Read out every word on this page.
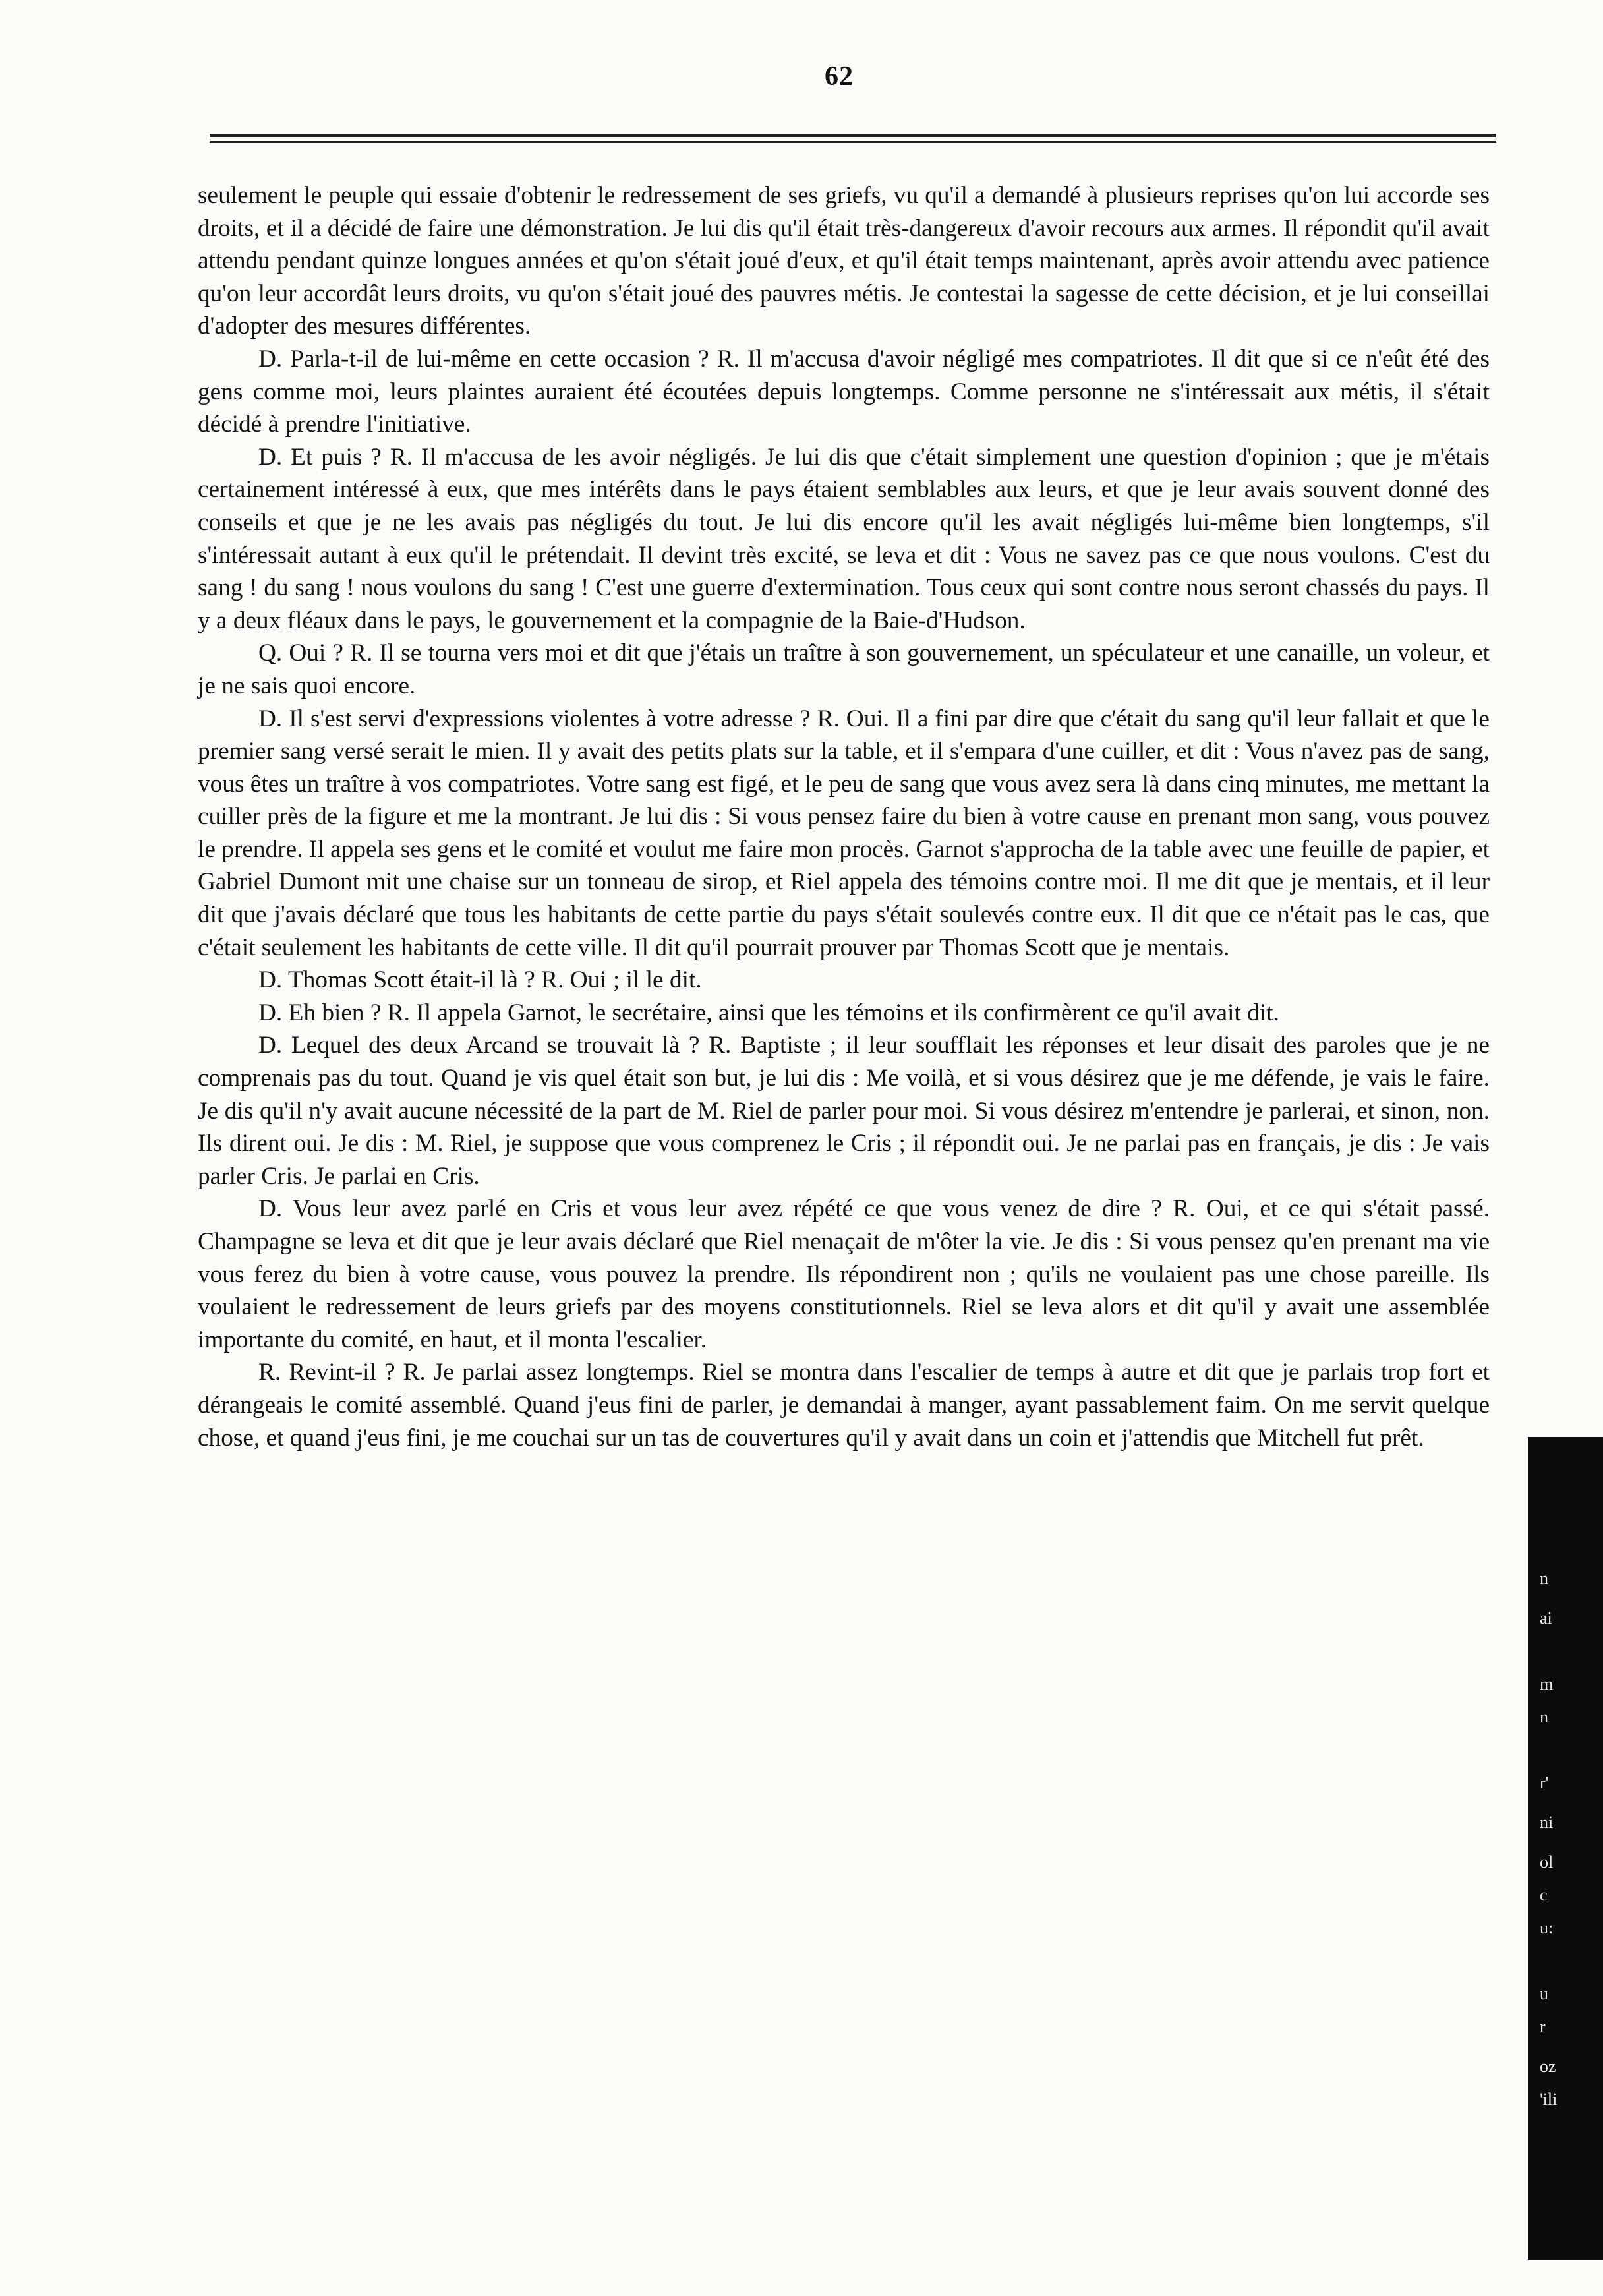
62

seulement le peuple qui essaie d'obtenir le redressement de ses griefs, vu qu'il a demandé à plusieurs reprises qu'on lui accorde ses droits, et il a décidé de faire une démonstration. Je lui dis qu'il était très-dangereux d'avoir recours aux armes. Il répondit qu'il avait attendu pendant quinze longues années et qu'on s'était joué d'eux, et qu'il était temps maintenant, après avoir attendu avec patience qu'on leur accordât leurs droits, vu qu'on s'était joué des pauvres métis. Je contestai la sagesse de cette décision, et je lui conseillai d'adopter des mesures différentes.

D. Parla-t-il de lui-même en cette occasion ? R. Il m'accusa d'avoir négligé mes compatriotes. Il dit que si ce n'eût été des gens comme moi, leurs plaintes auraient été écoutées depuis longtemps. Comme personne ne s'intéressait aux métis, il s'était décidé à prendre l'initiative.

D. Et puis ? R. Il m'accusa de les avoir négligés. Je lui dis que c'était simplement une question d'opinion ; que je m'étais certainement intéressé à eux, que mes intérêts dans le pays étaient semblables aux leurs, et que je leur avais souvent donné des conseils et que je ne les avais pas négligés du tout. Je lui dis encore qu'il les avait négligés lui-même bien longtemps, s'il s'intéressait autant à eux qu'il le prétendait. Il devint très excité, se leva et dit : Vous ne savez pas ce que nous voulons. C'est du sang ! du sang ! nous voulons du sang ! C'est une guerre d'extermination. Tous ceux qui sont contre nous seront chassés du pays. Il y a deux fléaux dans le pays, le gouvernement et la compagnie de la Baie-d'Hudson.

Q. Oui ? R. Il se tourna vers moi et dit que j'étais un traître à son gouvernement, un spéculateur et une canaille, un voleur, et je ne sais quoi encore.

D. Il s'est servi d'expressions violentes à votre adresse ? R. Oui. Il a fini par dire que c'était du sang qu'il leur fallait et que le premier sang versé serait le mien. Il y avait des petits plats sur la table, et il s'empara d'une cuiller, et dit : Vous n'avez pas de sang, vous êtes un traître à vos compatriotes. Votre sang est figé, et le peu de sang que vous avez sera là dans cinq minutes, me mettant la cuiller près de la figure et me la montrant. Je lui dis : Si vous pensez faire du bien à votre cause en prenant mon sang, vous pouvez le prendre. Il appela ses gens et le comité et voulut me faire mon procès. Garnot s'approcha de la table avec une feuille de papier, et Gabriel Dumont mit une chaise sur un tonneau de sirop, et Riel appela des témoins contre moi. Il me dit que je mentais, et il leur dit que j'avais déclaré que tous les habitants de cette partie du pays s'était soulevés contre eux. Il dit que ce n'était pas le cas, que c'était seulement les habitants de cette ville. Il dit qu'il pourrait prouver par Thomas Scott que je mentais.

D. Thomas Scott était-il là ? R. Oui ; il le dit.

D. Eh bien ? R. Il appela Garnot, le secrétaire, ainsi que les témoins et ils confirmèrent ce qu'il avait dit.

D. Lequel des deux Arcand se trouvait là ? R. Baptiste ; il leur soufflait les réponses et leur disait des paroles que je ne comprenais pas du tout. Quand je vis quel était son but, je lui dis : Me voilà, et si vous désirez que je me défende, je vais le faire. Je dis qu'il n'y avait aucune nécessité de la part de M. Riel de parler pour moi. Si vous désirez m'entendre je parlerai, et sinon, non. Ils dirent oui. Je dis : M. Riel, je suppose que vous comprenez le Cris ; il répondit oui. Je ne parlai pas en français, je dis : Je vais parler Cris. Je parlai en Cris.

D. Vous leur avez parlé en Cris et vous leur avez répété ce que vous venez de dire ? R. Oui, et ce qui s'était passé. Champagne se leva et dit que je leur avais déclaré que Riel menaçait de m'ôter la vie. Je dis : Si vous pensez qu'en prenant ma vie vous ferez du bien à votre cause, vous pouvez la prendre. Ils répondirent non ; qu'ils ne voulaient pas une chose pareille. Ils voulaient le redressement de leurs griefs par des moyens constitutionnels. Riel se leva alors et dit qu'il y avait une assemblée importante du comité, en haut, et il monta l'escalier.

R. Revint-il ? R. Je parlai assez longtemps. Riel se montra dans l'escalier de temps à autre et dit que je parlais trop fort et dérangeais le comité assemblé. Quand j'eus fini de parler, je demandai à manger, ayant passablement faim. On me servit quelque chose, et quand j'eus fini, je me couchai sur un tas de couvertures qu'il y avait dans un coin et j'attendis que Mitchell fut prêt.

n
ai
m
n
r'
ni
ol
c
u:
u
r
oz
'ili
